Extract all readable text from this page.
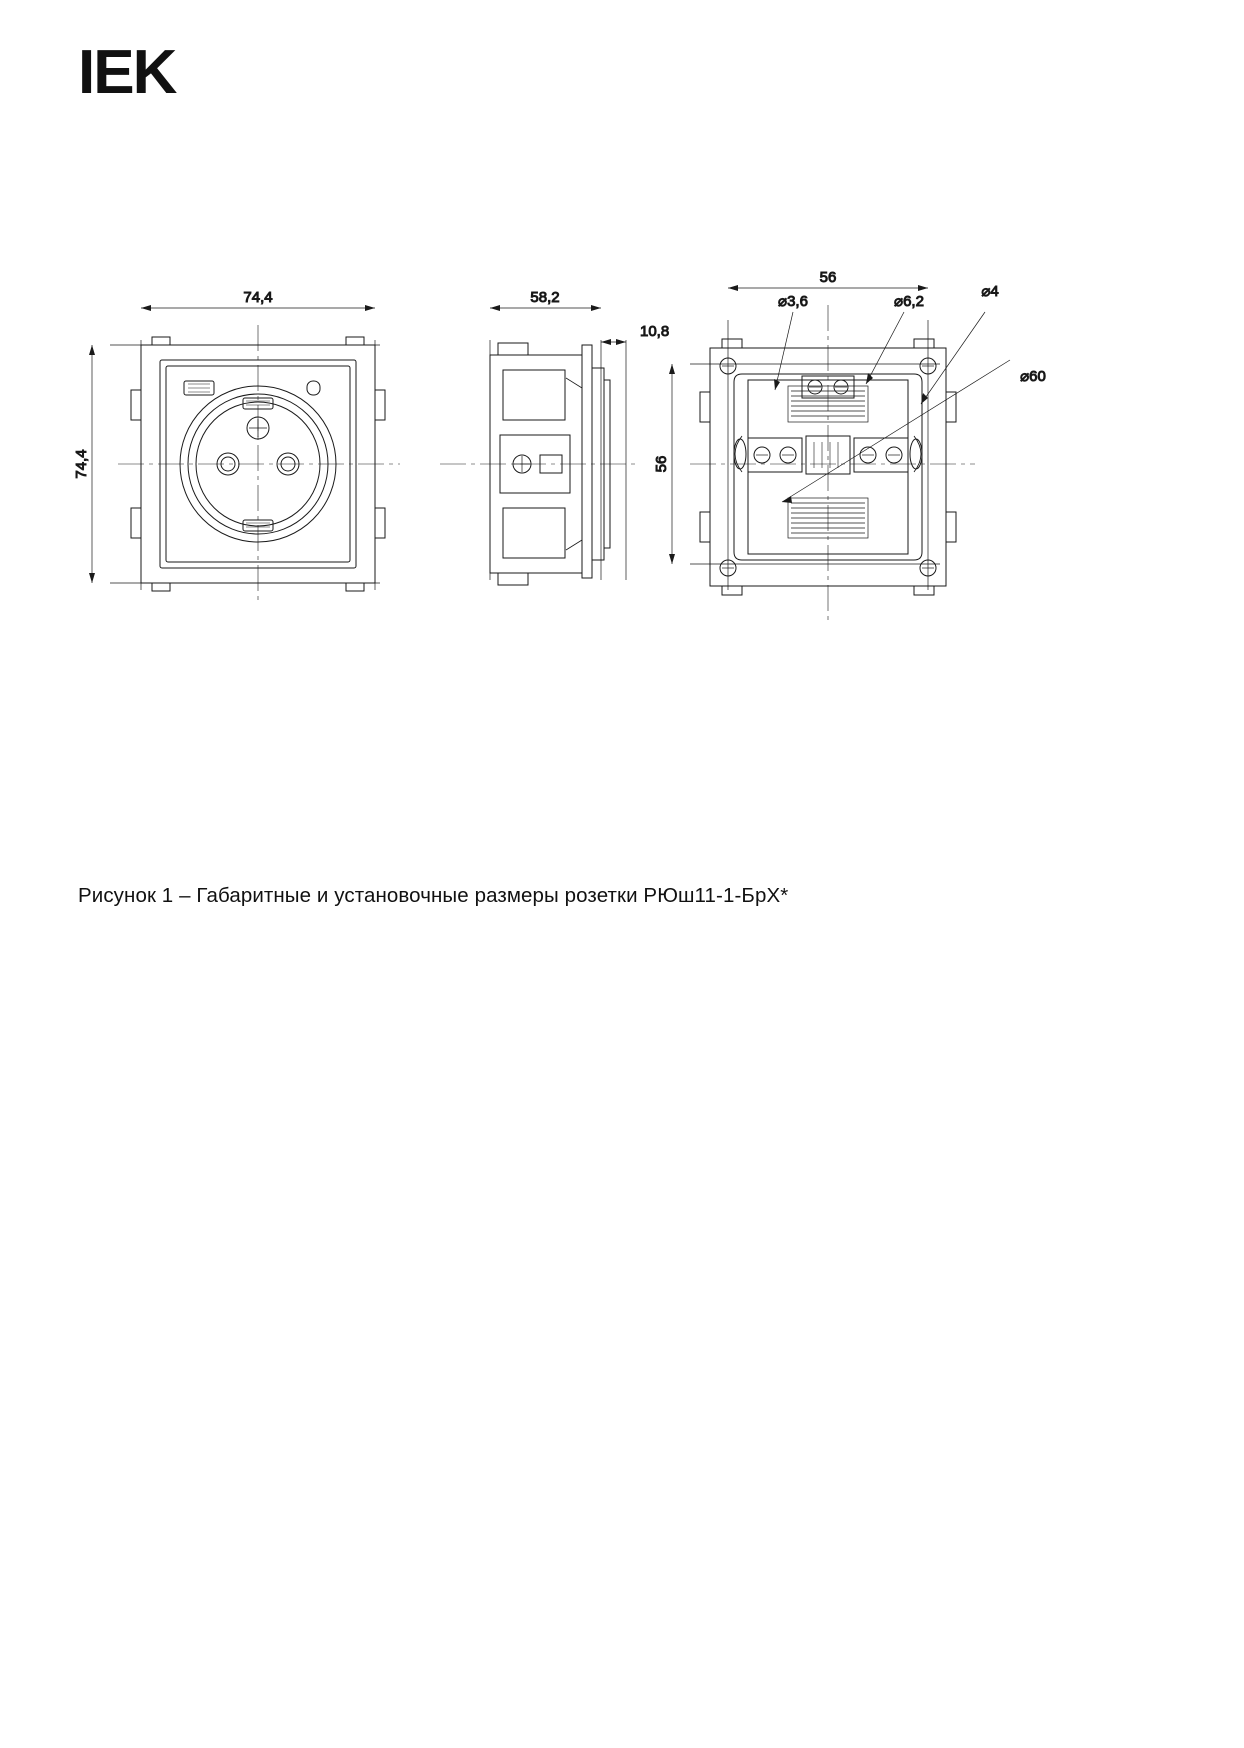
IEK
74,4
74,4
58,2
10,8
56
56
⌀3,6	⌀6,2
⌀4
⌀60
Рисунок 1 – Габаритные и установочные размеры розетки РЮш11-1-БрХ*
